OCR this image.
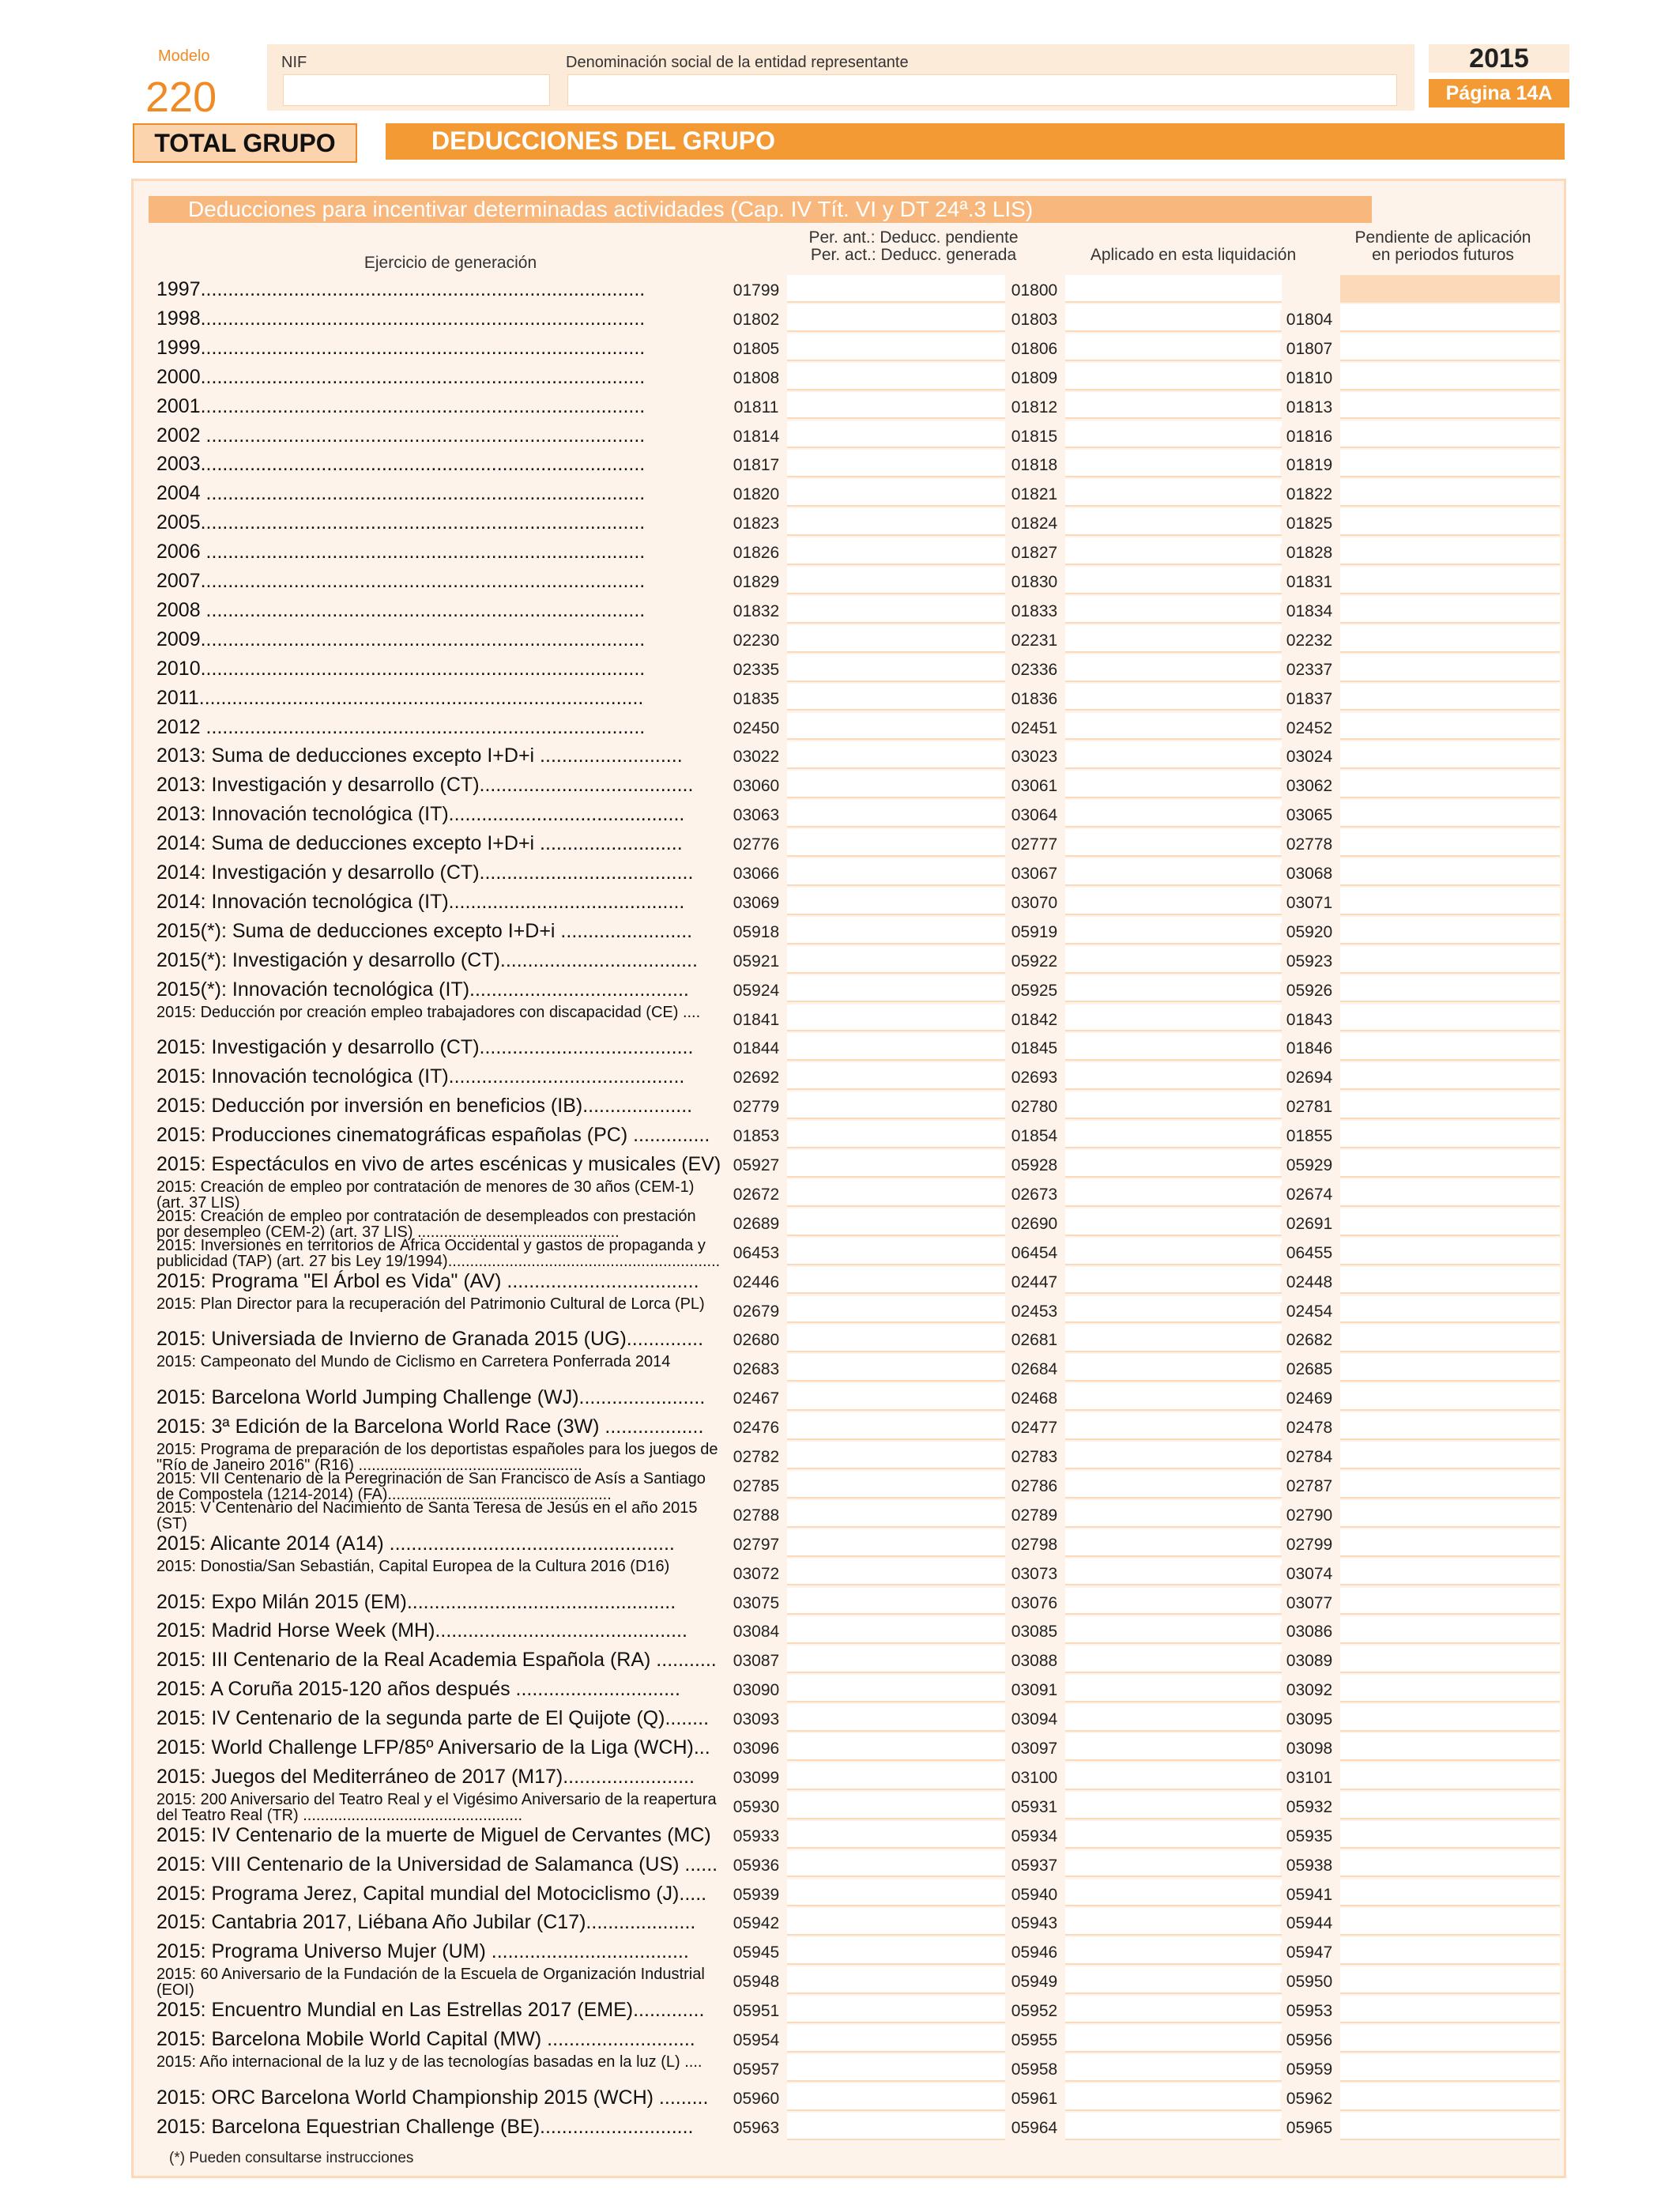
Modelo
220
NIF	Denominación social de la entidad representante	2015
Página 14A
TOTAL GRUPO	DEDUCCIONES DEL GRUPO
Deducciones para incentivar determinadas actividades (Cap. IV Tít. VI y DT 24ª.3 LIS)
Ejercicio de generación
Per. ant.: Deducc. pendiente
Per. act.: Deducc. generada	Aplicado en esta liquidación
Pendiente de aplicación
en periodos futuros
1997.................................................................................	01799	01800
1998.................................................................................	01802	01803	01804
1999.................................................................................	01805	01806	01807
2000.................................................................................	01808	01809	01810
2001.................................................................................	01811	01812	01813
2002 ................................................................................	01814	01815	01816
2003.................................................................................	01817	01818	01819
2004 ................................................................................	01820	01821	01822
2005.................................................................................	01823	01824	01825
2006 ................................................................................	01826	01827	01828
2007.................................................................................	01829	01830	01831
2008 ................................................................................	01832	01833	01834
2009.................................................................................	02230	02231	02232
2010.................................................................................	02335	02336	02337
2011.................................................................................	01835	01836	01837
2012 ................................................................................	02450	02451	02452
2013: Suma de deducciones excepto I+D+i ..........................	03022	03023	03024
2013: Investigación y desarrollo (CT).......................................	03060	03061	03062
2013: Innovación tecnológica (IT)...........................................	03063	03064	03065
2014: Suma de deducciones excepto I+D+i ..........................	02776	02777	02778
2014: Investigación y desarrollo (CT).......................................	03066	03067	03068
2014: Innovación tecnológica (IT)...........................................	03069	03070	03071
2015(*): Suma de deducciones excepto I+D+i ........................	05918	05919	05920
2015(*): Investigación y desarrollo (CT)....................................	05921	05922	05923
2015(*): Innovación tecnológica (IT)........................................	05924	05925	05926
2015: Deducción por creación empleo trabajadores con discapacidad (CE) ....	01841	01842	01843
2015: Investigación y desarrollo (CT).......................................	01844	01845	01846
2015: Innovación tecnológica (IT)...........................................	02692	02693	02694
2015: Deducción por inversión en beneficios (IB)....................	02779	02780	02781
2015: Producciones cinematográficas españolas (PC) ..............	01853	01854	01855
2015: Espectáculos en vivo de artes escénicas y musicales (EV) 05927	05928	05929
2015: Creación de empleo por contratación de menores de 30 años (CEM-1) (art. 37 LIS)	02672	02673	02674
2015: Creación de empleo por contratación de desempleados con prestación por desempleo (CEM-2) (art. 37 LIS) ..............................................	02689	02690	02691
2015: Inversiones en territorios de África Occidental y gastos de propaganda y publicidad (TAP) (art. 27 bis Ley 19/1994).............................................................. 06453	06454	06455
2015: Programa "El Árbol es Vida" (AV) ...................................	02446	02447	02448
2015: Plan Director para la recuperación del Patrimonio Cultural de Lorca (PL)	02679	02453	02454
2015: Universiada de Invierno de Granada 2015 (UG)..............	02680	02681	02682
2015: Campeonato del Mundo de Ciclismo en Carretera Ponferrada 2014	02683	02684	02685
2015: Barcelona World Jumping Challenge (WJ).......................	02467	02468	02469
2015: 3ª Edición de la Barcelona World Race (3W) ..................	02476	02477	02478
2015: Programa de preparación de los deportistas españoles para los juegos de "Río de Janeiro 2016" (R16) ...................................................	02782	02783	02784
2015: VII Centenario de la Peregrinación de San Francisco de Asís a Santiago de Compostela (1214-2014) (FA)...................................................	02785	02786	02787
2015: V Centenario del Nacimiento de Santa Teresa de Jesús en el año 2015 (ST)	02788	02789	02790
2015: Alicante 2014 (A14) ....................................................	02797	02798	02799
2015: Donostia/San Sebastián, Capital Europea de la Cultura 2016 (D16)	03072	03073	03074
2015: Expo Milán 2015 (EM).................................................	03075	03076	03077
2015: Madrid Horse Week (MH)..............................................	03084	03085	03086
2015: III Centenario de la Real Academia Española (RA) ...........	03087	03088	03089
2015: A Coruña 2015-120 años después ..............................	03090	03091	03092
2015: IV Centenario de la segunda parte de El Quijote (Q)........	03093	03094	03095
2015: World Challenge LFP/85º Aniversario de la Liga (WCH)...	03096	03097	03098
2015: Juegos del Mediterráneo de 2017 (M17)........................	03099	03100	03101
2015: 200 Aniversario del Teatro Real y el Vigésimo Aniversario de la reapertura del Teatro Real (TR) ..................................................	05930	05931	05932
2015: IV Centenario de la muerte de Miguel de Cervantes (MC)	05933	05934	05935
2015: VIII Centenario de la Universidad de Salamanca (US) ...... 05936	05937	05938
2015: Programa Jerez, Capital mundial del Motociclismo (J).....	05939	05940	05941
2015: Cantabria 2017, Liébana Año Jubilar (C17)....................	05942	05943	05944
2015: Programa Universo Mujer (UM) ....................................	05945	05946	05947
2015: 60 Aniversario de la Fundación de la Escuela de Organización Industrial (EOI)	05948	05949	05950
2015: Encuentro Mundial en Las Estrellas 2017 (EME).............	05951	05952	05953
2015: Barcelona Mobile World Capital (MW) ...........................	05954	05955	05956
2015: Año internacional de la luz y de las tecnologías basadas en la luz (L) ....	05957	05958	05959
2015: ORC Barcelona World Championship 2015 (WCH) .........	05960	05961	05962
2015: Barcelona Equestrian Challenge (BE)............................	05963	05964	05965
(*) Pueden consultarse instrucciones
